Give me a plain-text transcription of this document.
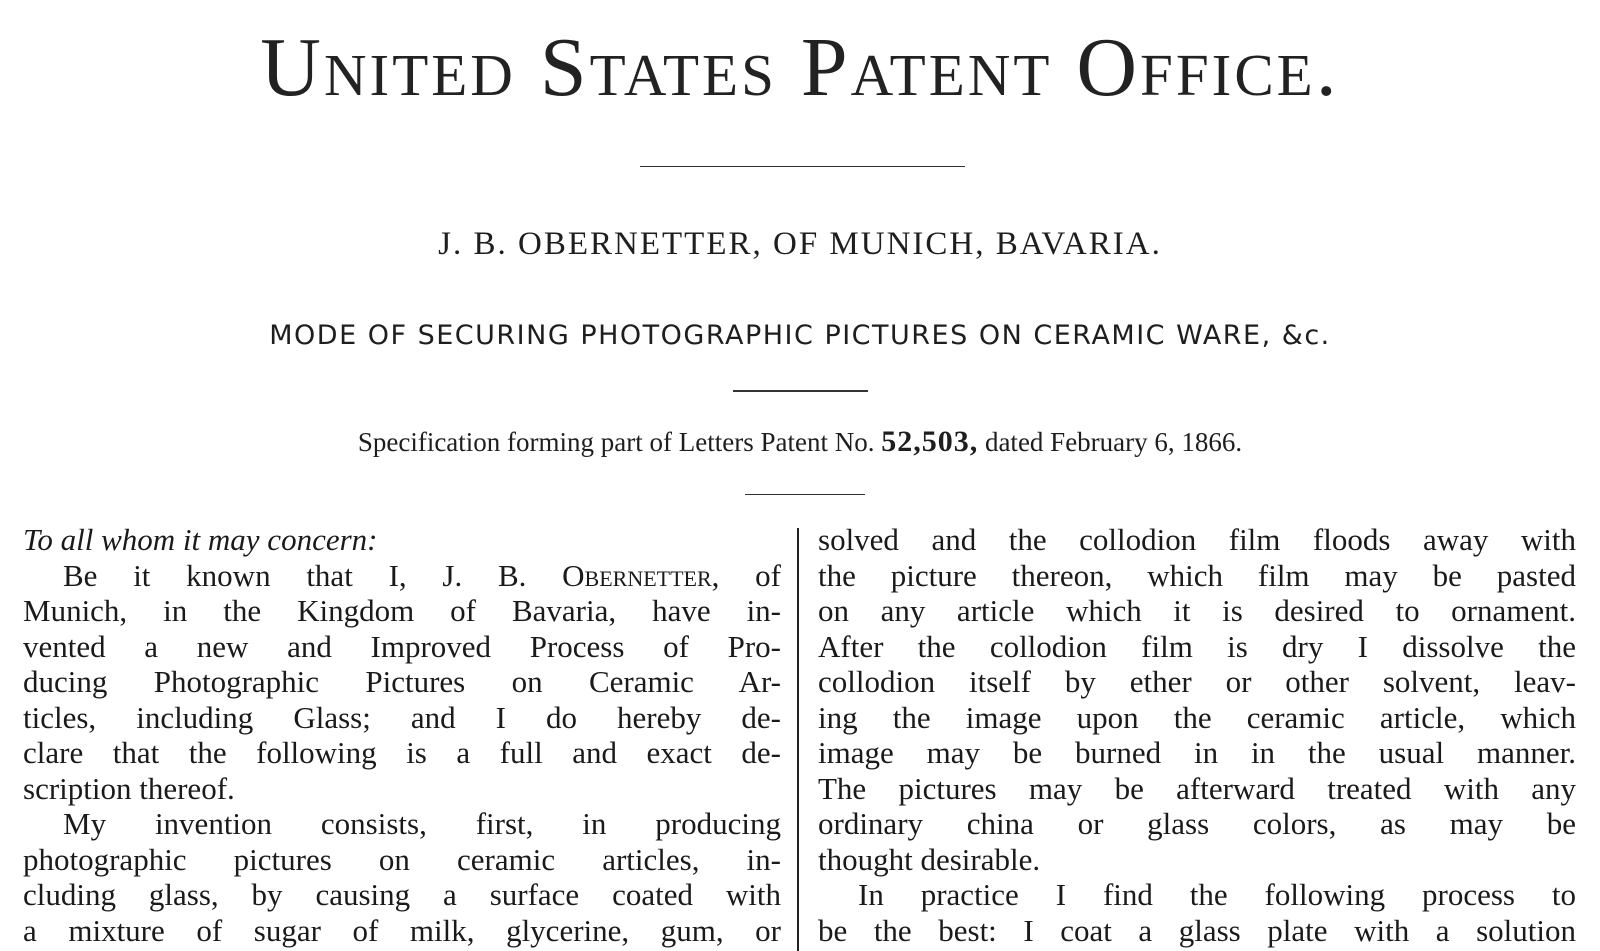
United States Patent Office.
J. B. OBERNETTER, OF MUNICH, BAVARIA.
MODE OF SECURING PHOTOGRAPHIC PICTURES ON CERAMIC WARE, &c.
Specification forming part of Letters Patent No. 52,503, dated February 6, 1866.
To all whom it may concern:
Be it known that I, J. B. Obernetter, of
Munich, in the Kingdom of Bavaria, have in-
vented a new and Improved Process of Pro-
ducing Photographic Pictures on Ceramic Ar-
ticles, including Glass; and I do hereby de-
clare that the following is a full and exact de-
scription thereof.
My invention consists, first, in producing
photographic pictures on ceramic articles, in-
cluding glass, by causing a surface coated with
a mixture of sugar of milk, glycerine, gum, or
solved and the collodion film floods away with
the picture thereon, which film may be pasted
on any article which it is desired to ornament.
After the collodion film is dry I dissolve the
collodion itself by ether or other solvent, leav-
ing the image upon the ceramic article, which
image may be burned in in the usual manner.
The pictures may be afterward treated with any
ordinary china or glass colors, as may be
thought desirable.
In practice I find the following process to
be the best: I coat a glass plate with a solution
